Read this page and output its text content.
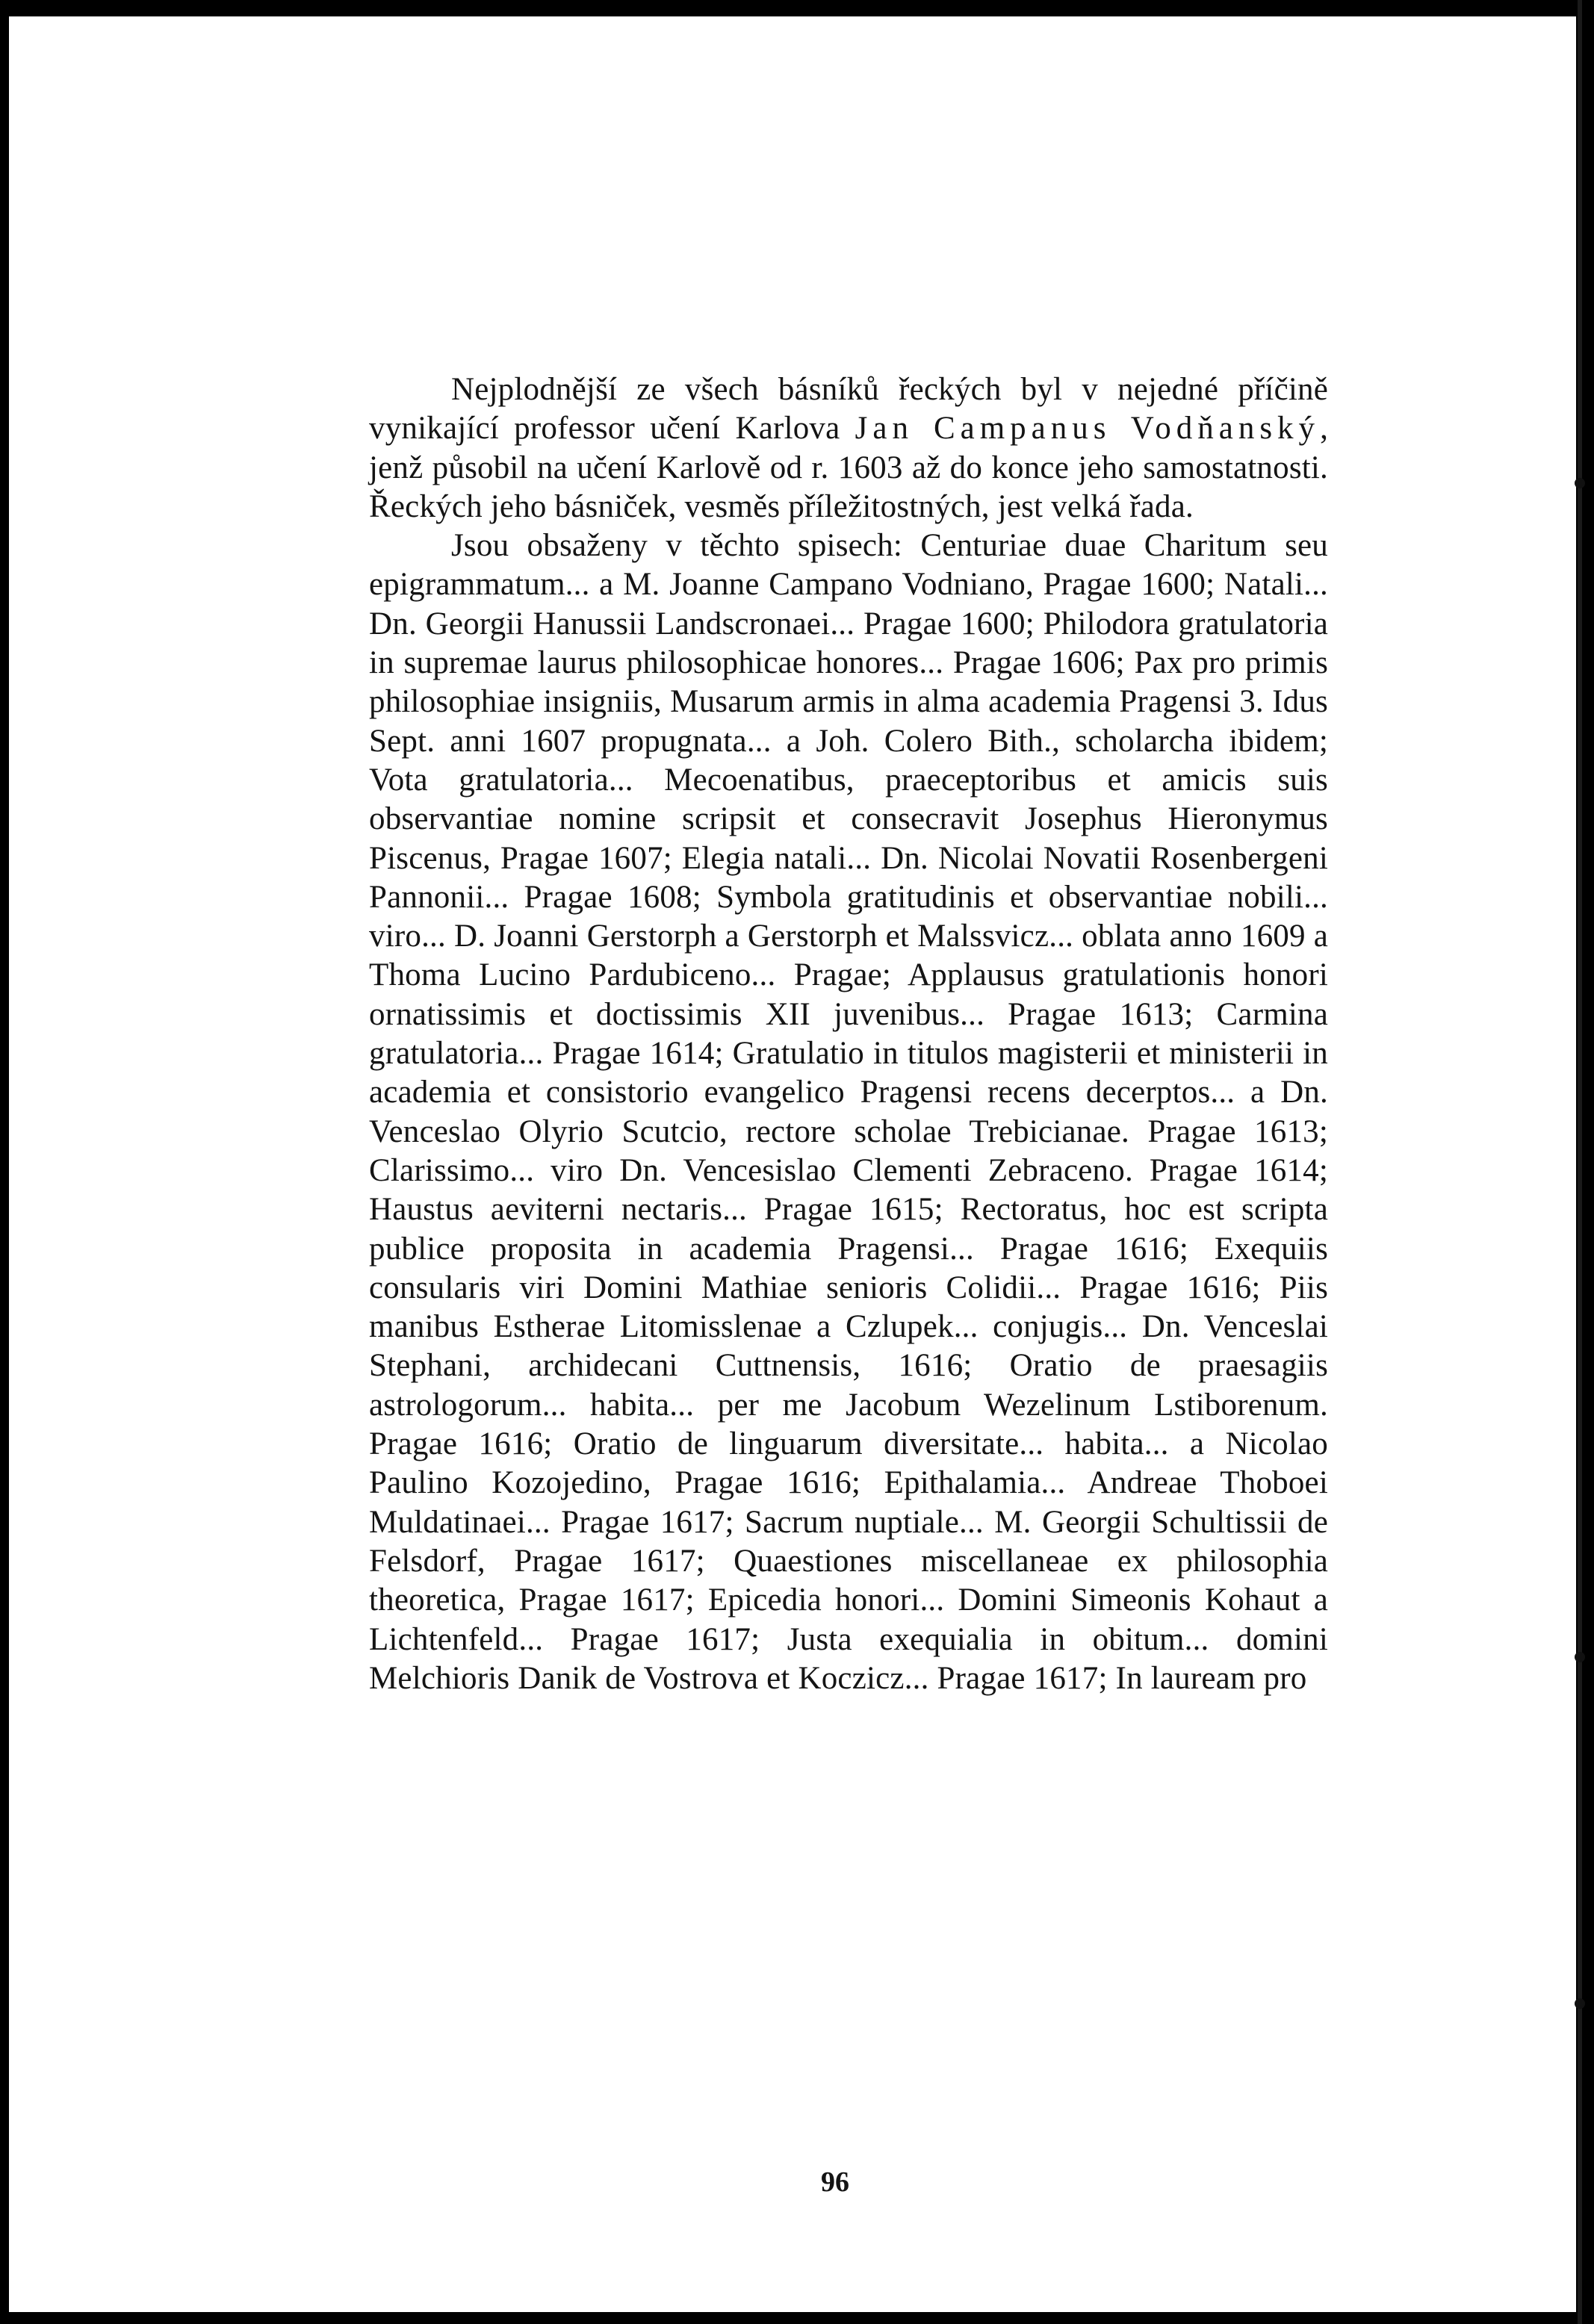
Nejplodnější ze všech básníků řeckých byl v nejedné příčině vynikající professor učení Karlova Jan Campanus Vodňanský, jenž působil na učení Karlově od r. 1603 až do konce jeho samostatnosti. Řeckých jeho básniček, vesměs příležitostných, jest velká řada.

Jsou obsaženy v těchto spisech: Centuriae duae Charitum seu epigrammatum... a M. Joanne Campano Vodniano, Pragae 1600; Natali... Dn. Georgii Hanussii Landscronaei... Pragae 1600; Philodora gratulatoria in supremae laurus philosophicae honores... Pragae 1606; Pax pro primis philosophiae insigniis, Musarum armis in alma academia Pragensi 3. Idus Sept. anni 1607 propugnata... a Joh. Colero Bith., scholarcha ibidem; Vota gratulatoria... Mecoenatibus, praeceptoribus et amicis suis observantiae nomine scripsit et consecravit Josephus Hieronymus Piscenus, Pragae 1607; Elegia natali... Dn. Nicolai Novatii Rosenbergeni Pannonii... Pragae 1608; Symbola gratitudinis et observantiae nobili... viro... D. Joanni Gerstorph a Gerstorph et Malssvicz... oblata anno 1609 a Thoma Lucino Pardubiceno... Pragae; Applausus gratulationis honori ornatissimis et doctissimis XII juvenibus... Pragae 1613; Carmina gratulatoria... Pragae 1614; Gratulatio in titulos magisterii et ministerii in academia et consistorio evangelico Pragensi recens decerptos... a Dn. Venceslao Olyrio Scutcio, rectore scholae Trebicianae. Pragae 1613; Clarissimo... viro Dn. Vencesislao Clementi Zebraceno. Pragae 1614; Haustus aeviterni nectaris... Pragae 1615; Rectoratus, hoc est scripta publice proposita in academia Pragensi... Pragae 1616; Exequiis consularis viri Domini Mathiae senioris Colidii... Pragae 1616; Piis manibus Estherae Litomisslenae a Czlupek... conjugis... Dn. Venceslai Stephani, archidecani Cuttnensis, 1616; Oratio de praesagiis astrologorum... habita... per me Jacobum Wezelinum Lstiborenum. Pragae 1616; Oratio de linguarum diversitate... habita... a Nicolao Paulino Kozojedino, Pragae 1616; Epithalamia... Andreae Thoboei Muldatinaei... Pragae 1617; Sacrum nuptiale... M. Georgii Schultissii de Felsdorf, Pragae 1617; Quaestiones miscellaneae ex philosophia theoretica, Pragae 1617; Epicedia honori... Domini Simeonis Kohaut a Lichtenfeld... Pragae 1617; Justa exequialia in obitum... domini Melchioris Danik de Vostrova et Koczicz... Pragae 1617; In lauream pro

96
